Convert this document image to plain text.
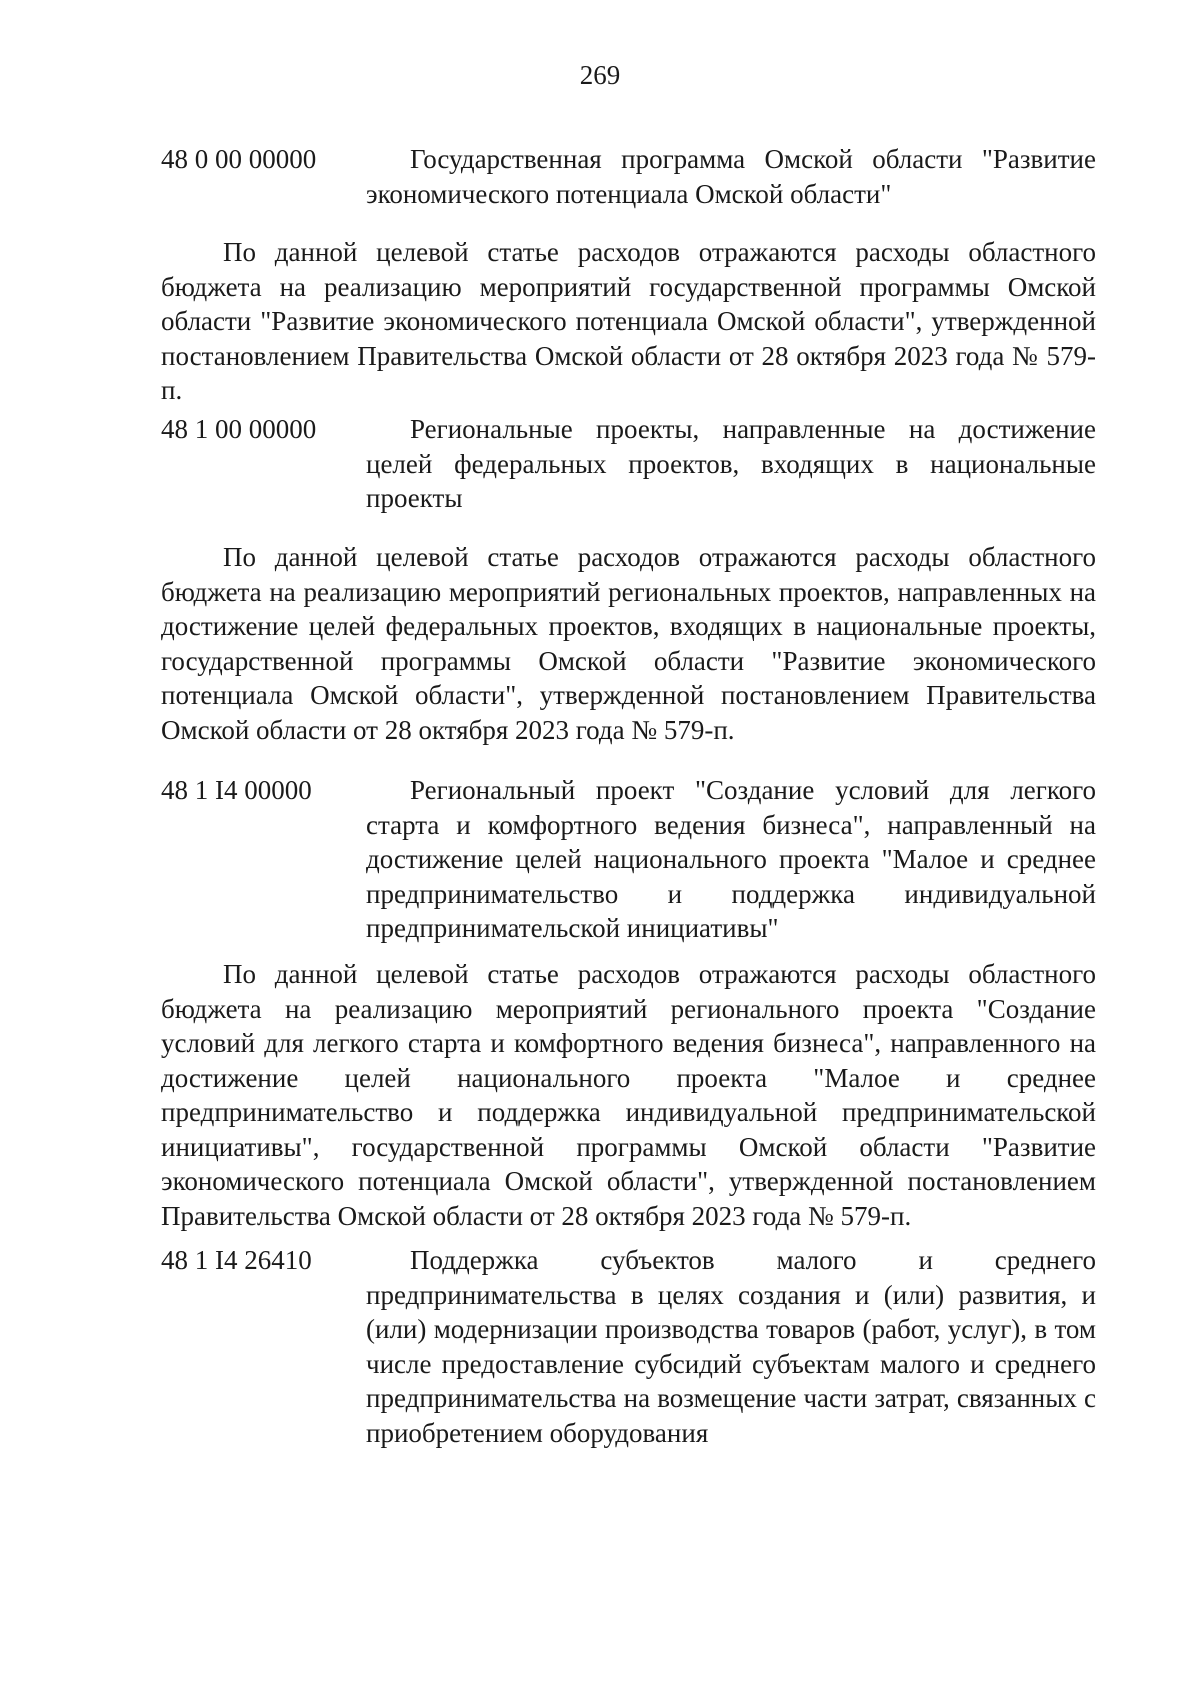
269
48 0 00 00000	Государственная программа Омской области "Развитие экономического потенциала Омской области"
По данной целевой статье расходов отражаются расходы областного бюджета на реализацию мероприятий государственной программы Омской области "Развитие экономического потенциала Омской области", утвержденной постановлением Правительства Омской области от 28 октября 2023 года № 579-п.
48 1 00 00000	Региональные проекты, направленные на достижение целей федеральных проектов, входящих в национальные проекты
По данной целевой статье расходов отражаются расходы областного бюджета на реализацию мероприятий региональных проектов, направленных на достижение целей федеральных проектов, входящих в национальные проекты, государственной программы Омской области "Развитие экономического потенциала Омской области", утвержденной постановлением Правительства Омской области от 28 октября 2023 года № 579-п.
48 1 I4 00000	Региональный проект "Создание условий для легкого старта и комфортного ведения бизнеса", направленный на достижение целей национального проекта "Малое и среднее предпринимательство и поддержка индивидуальной предпринимательской инициативы"
По данной целевой статье расходов отражаются расходы областного бюджета на реализацию мероприятий регионального проекта "Создание условий для легкого старта и комфортного ведения бизнеса", направленного на достижение целей национального проекта "Малое и среднее предпринимательство и поддержка индивидуальной предпринимательской инициативы", государственной программы Омской области "Развитие экономического потенциала Омской области", утвержденной постановлением Правительства Омской области от 28 октября 2023 года № 579-п.
48 1 I4 26410	Поддержка субъектов малого и среднего предпринимательства в целях создания и (или) развития, и (или) модернизации производства товаров (работ, услуг), в том числе предоставление субсидий субъектам малого и среднего предпринимательства на возмещение части затрат, связанных с приобретением оборудования
